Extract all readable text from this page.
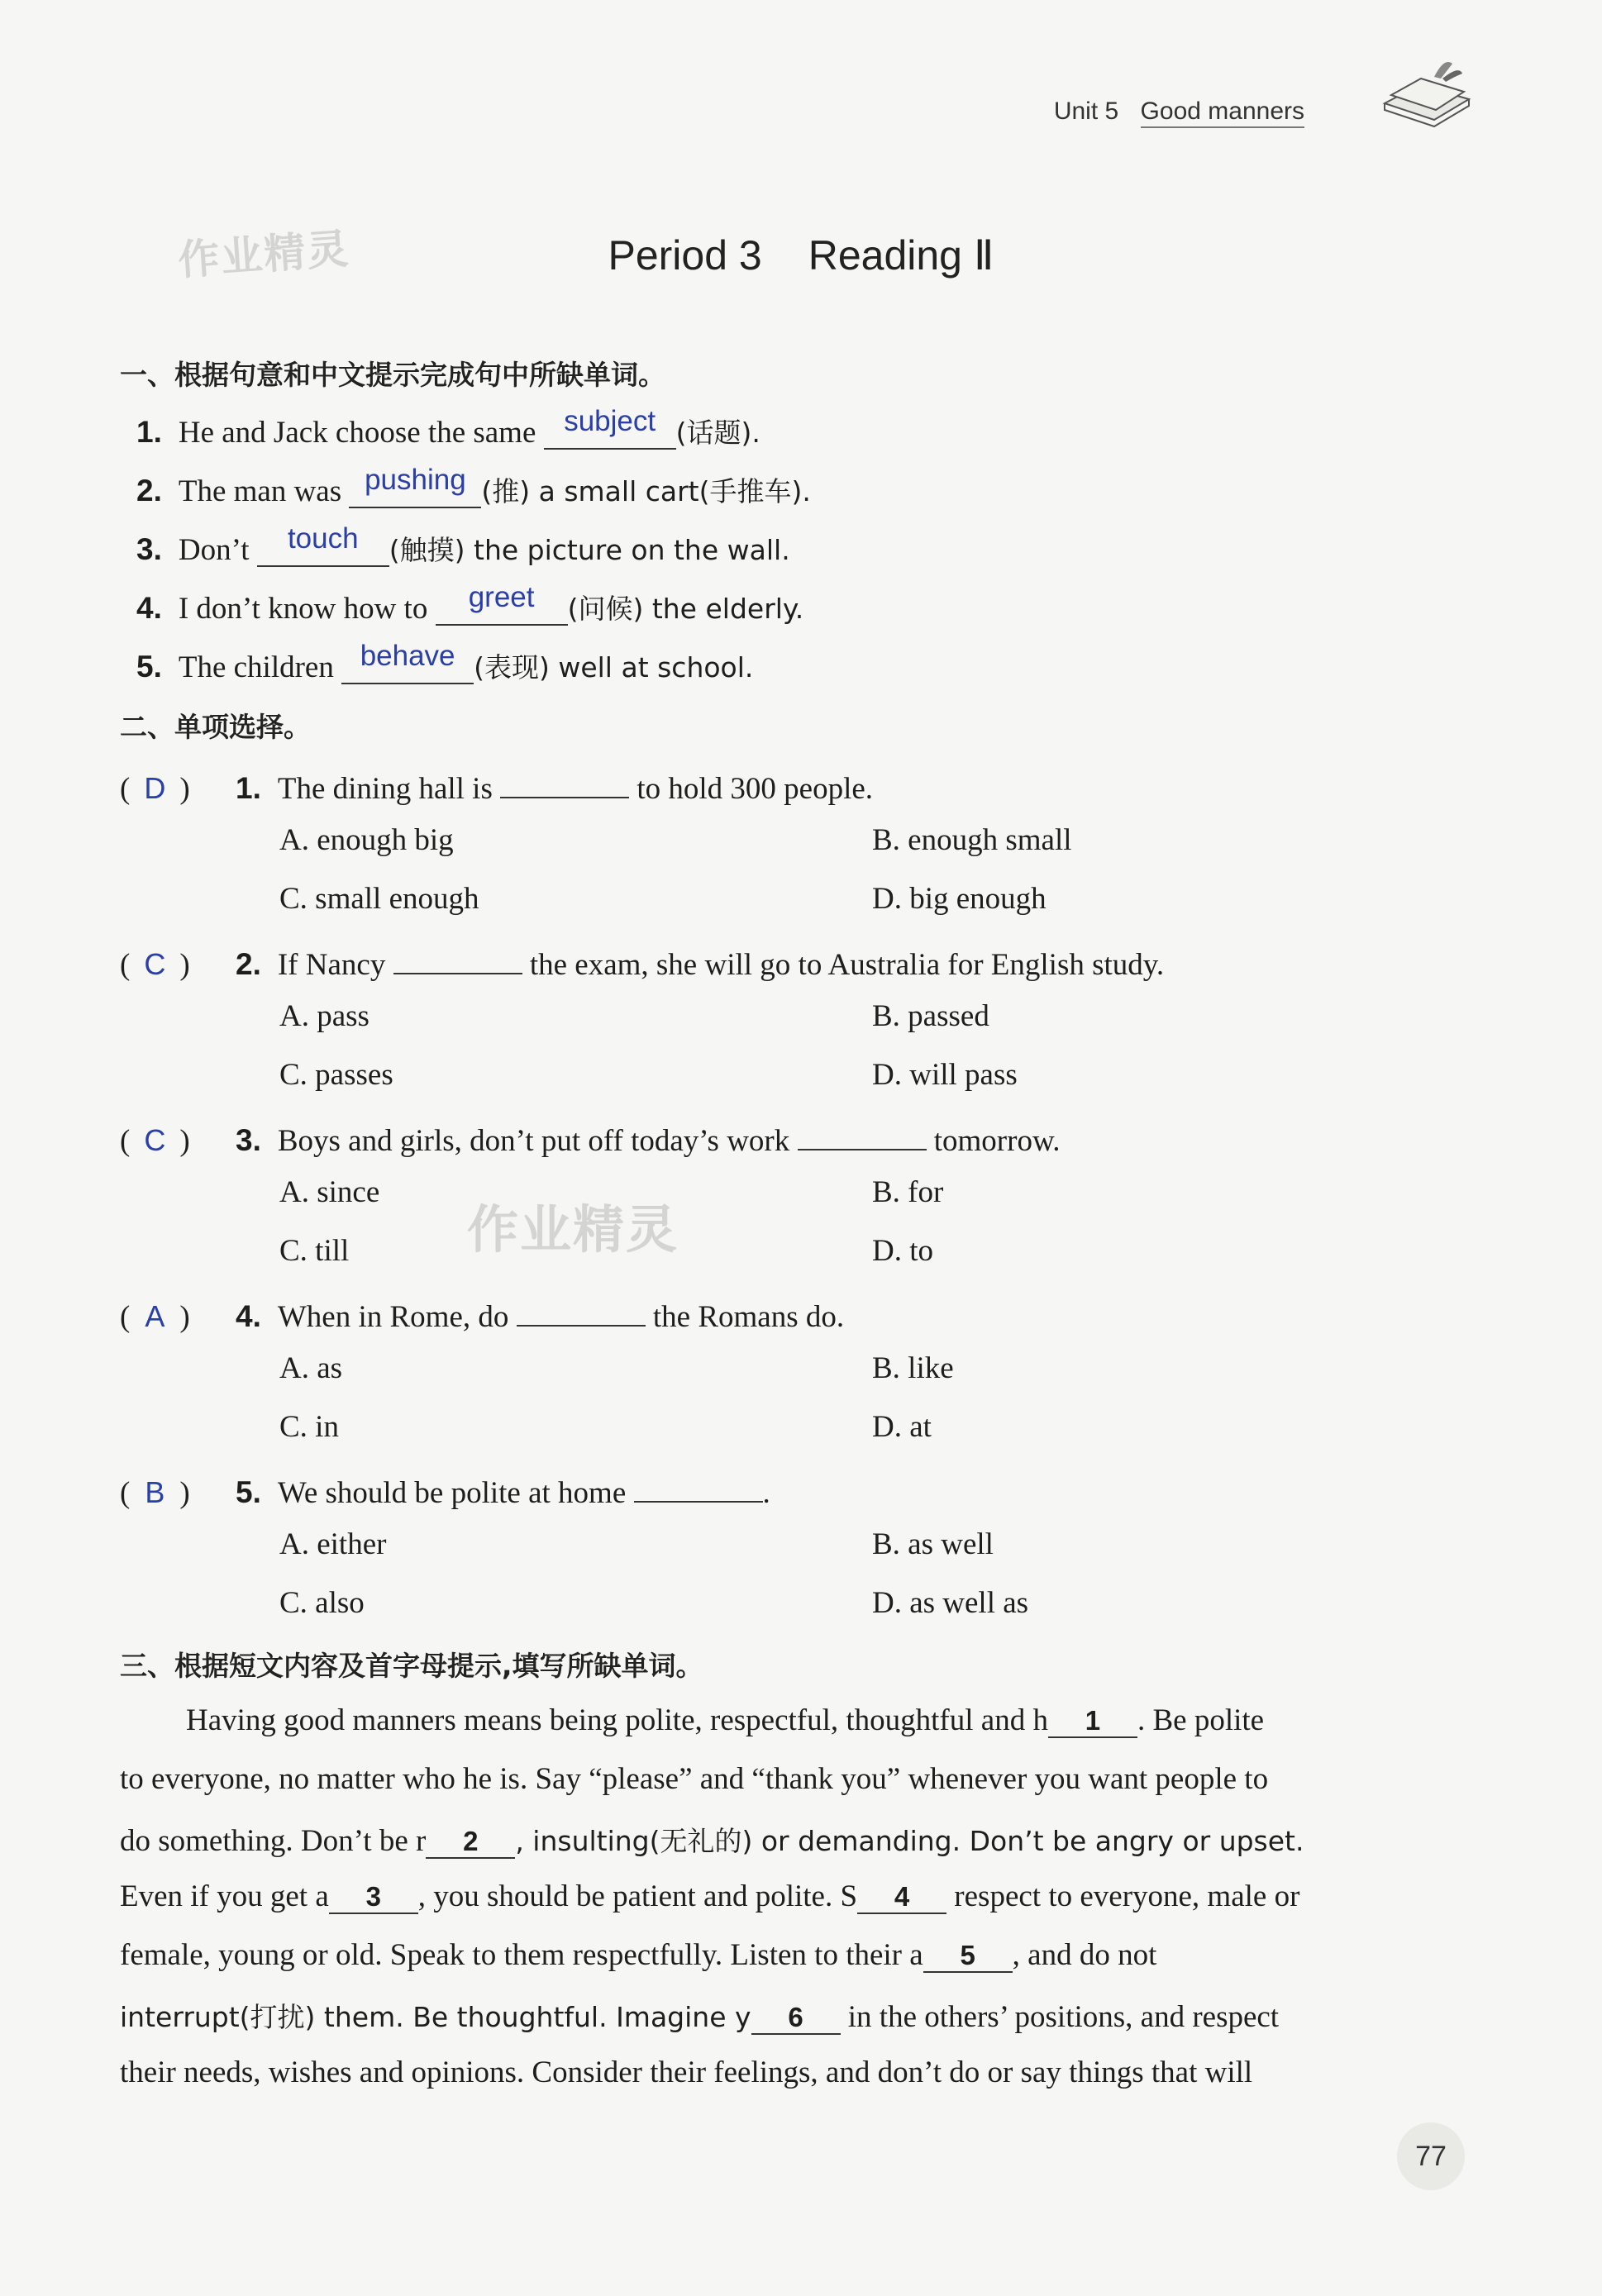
Unit 5 Good manners
作业精灵
作业精灵
Period 3 Reading Ⅱ
一、根据句意和中文提示完成句中所缺单词。
1. He and Jack choose the same subject (话题).
2. The man was pushing (推) a small cart(手推车).
3. Don’t touch (触摸) the picture on the wall.
4. I don’t know how to greet (问候) the elderly.
5. The children behave (表现) well at school.
二、单项选择。
( D ) 1. The dining hall is	to hold 300 people.
A. enough big	B. enough small
C. small enough	D. big enough
( C ) 2. If Nancy	the exam, she will go to Australia for English study.
A. pass	B. passed
C. passes	D. will pass
( C ) 3. Boys and girls, don’t put off today’s work	tomorrow.
A. since	B. for
C. till	D. to
( A ) 4. When in Rome, do	the Romans do.
A. as	B. like
C. in	D. at
( B ) 5. We should be polite at home	.
A. either	B. as well
C. also	D. as well as
三、根据短文内容及首字母提示,填写所缺单词。
Having good manners means being polite, respectful, thoughtful and h 1 . Be polite
to everyone, no matter who he is. Say “please” and “thank you” whenever you want people to
do something. Don’t be r 2 , insulting(无礼的) or demanding. Don’t be angry or upset.
Even if you get a 3 , you should be patient and polite. S 4 respect to everyone, male or
female, young or old. Speak to them respectfully. Listen to their a 5 , and do not
interrupt(打扰) them. Be thoughtful. Imagine y 6 in the others’ positions, and respect
their needs, wishes and opinions. Consider their feelings, and don’t do or say things that will
77
